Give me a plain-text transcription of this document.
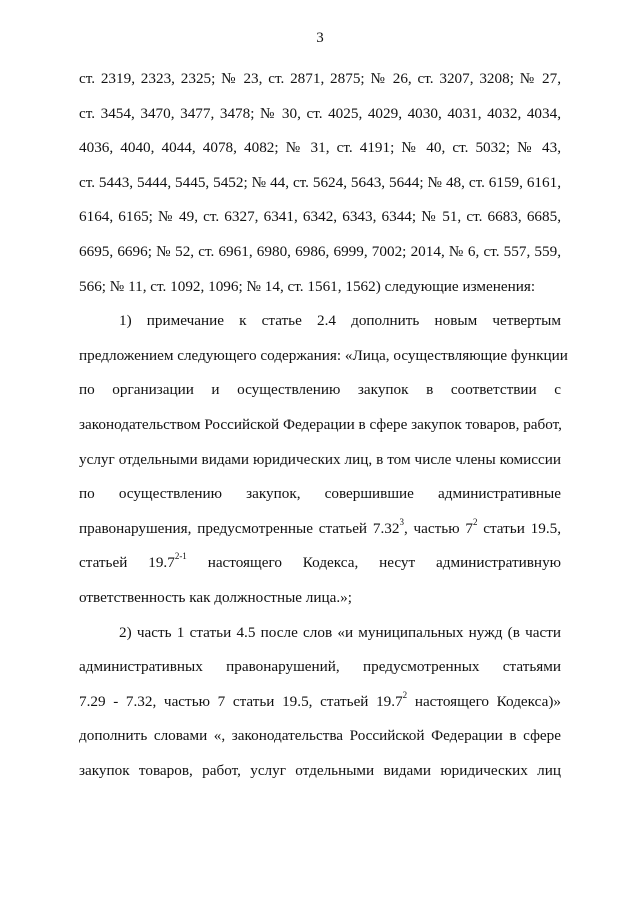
3
ст. 2319, 2323, 2325; № 23, ст. 2871, 2875; № 26, ст. 3207, 3208; № 27,
ст. 3454, 3470, 3477, 3478; № 30, ст. 4025, 4029, 4030, 4031, 4032, 4034,
4036, 4040, 4044, 4078, 4082; № 31, ст. 4191; № 40, ст. 5032; № 43,
ст. 5443, 5444, 5445, 5452; № 44, ст. 5624, 5643, 5644; № 48, ст. 6159, 6161,
6164, 6165; № 49, ст. 6327, 6341, 6342, 6343, 6344; № 51, ст. 6683, 6685,
6695, 6696; № 52, ст. 6961, 6980, 6986, 6999, 7002; 2014, № 6, ст. 557, 559,
566; № 11, ст. 1092, 1096; № 14, ст. 1561, 1562) следующие изменения:
1) примечание к статье 2.4 дополнить новым четвертым
предложением следующего содержания: «Лица, осуществляющие функции
по организации и осуществлению закупок в соответствии с
законодательством Российской Федерации в сфере закупок товаров, работ,
услуг отдельными видами юридических лиц, в том числе члены комиссии
по осуществлению закупок, совершившие административные
правонарушения, предусмотренные статьей 7.32$^3$, частью $7^2$ статьи 19.5,
статьей 19.7$^{2-1}$ настоящего Кодекса, несут административную
ответственность как должностные лица.»;
2) часть 1 статьи 4.5 после слов «и муниципальных нужд (в части
административных правонарушений, предусмотренных статьями
7.29 - 7.32, частью 7 статьи 19.5, статьей 19.7$^2$ настоящего Кодекса)»
дополнить словами «, законодательства Российской Федерации в сфере
закупок товаров, работ, услуг отдельными видами юридических лиц
